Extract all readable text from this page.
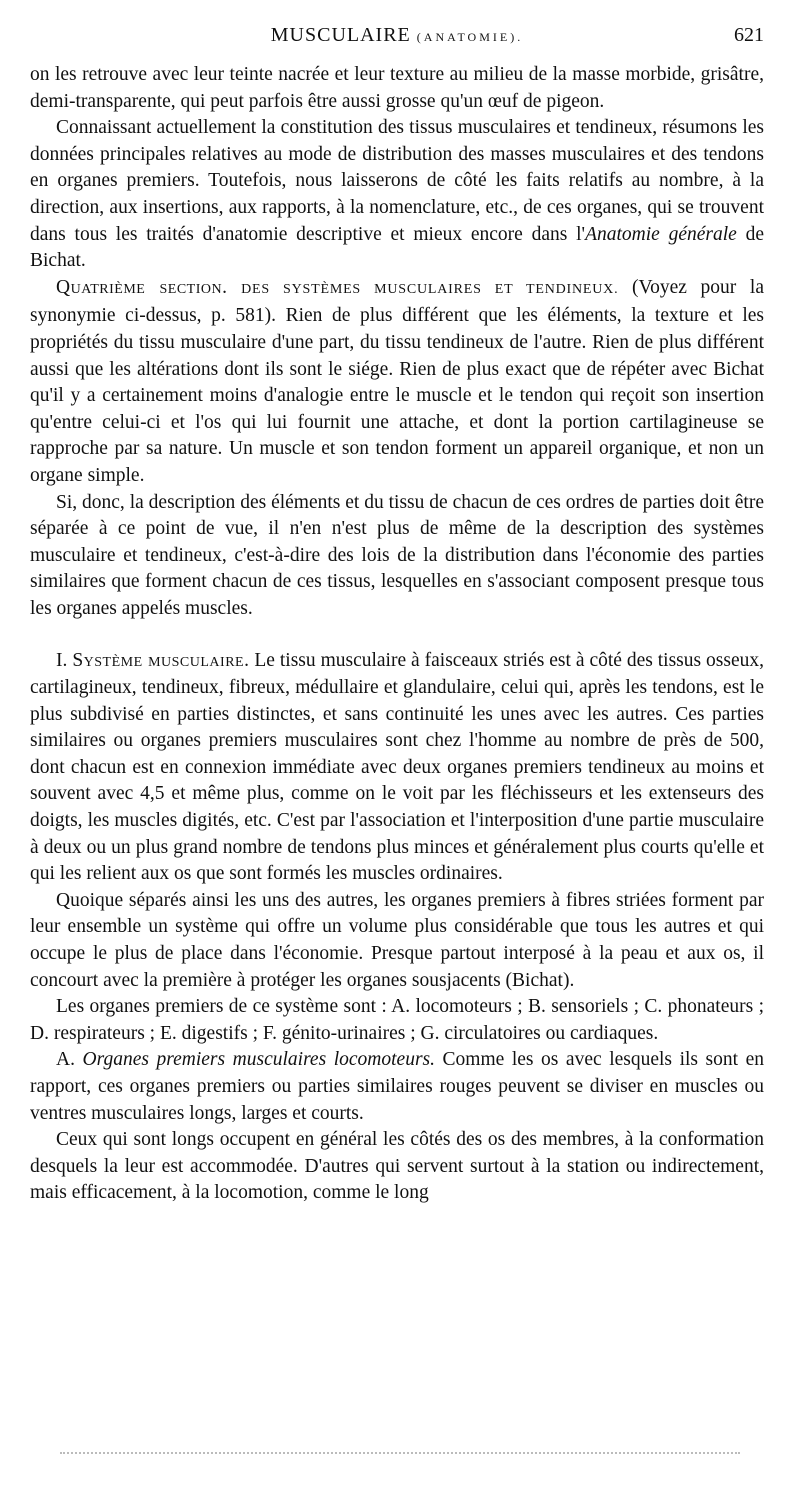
MUSCULAIRE (ANATOMIE).	621

on les retrouve avec leur teinte nacrée et leur texture au milieu de la masse morbide, grisâtre, demi-transparente, qui peut parfois être aussi grosse qu'un œuf de pigeon.

Connaissant actuellement la constitution des tissus musculaires et tendineux, résumons les données principales relatives au mode de distribution des masses musculaires et des tendons en organes premiers. Toutefois, nous laisserons de côté les faits relatifs au nombre, à la direction, aux insertions, aux rapports, à la nomenclature, etc., de ces organes, qui se trouvent dans tous les traités d'anatomie descriptive et mieux encore dans l'Anatomie générale de Bichat.

Quatrième section. DES SYSTÈMES MUSCULAIRES ET TENDINEUX. (Voyez pour la synonymie ci-dessus, p. 581). Rien de plus différent que les éléments, la texture et les propriétés du tissu musculaire d'une part, du tissu tendineux de l'autre. Rien de plus différent aussi que les altérations dont ils sont le siége. Rien de plus exact que de répéter avec Bichat qu'il y a certainement moins d'analogie entre le muscle et le tendon qui reçoit son insertion qu'entre celui-ci et l'os qui lui fournit une attache, et dont la portion cartilagineuse se rapproche par sa nature. Un muscle et son tendon forment un appareil organique, et non un organe simple.

Si, donc, la description des éléments et du tissu de chacun de ces ordres de parties doit être séparée à ce point de vue, il n'en n'est plus de même de la description des systèmes musculaire et tendineux, c'est-à-dire des lois de la distribution dans l'économie des parties similaires que forment chacun de ces tissus, lesquelles en s'associant composent presque tous les organes appelés muscles.

I. Système musculaire. Le tissu musculaire à faisceaux striés est à côté des tissus osseux, cartilagineux, tendineux, fibreux, médullaire et glandulaire, celui qui, après les tendons, est le plus subdivisé en parties distinctes, et sans continuité les unes avec les autres. Ces parties similaires ou organes premiers musculaires sont chez l'homme au nombre de près de 500, dont chacun est en connexion immédiate avec deux organes premiers tendineux au moins et souvent avec 4,5 et même plus, comme on le voit par les fléchisseurs et les extenseurs des doigts, les muscles digités, etc. C'est par l'association et l'interposition d'une partie musculaire à deux ou un plus grand nombre de tendons plus minces et généralement plus courts qu'elle et qui les relient aux os que sont formés les muscles ordinaires.

Quoique séparés ainsi les uns des autres, les organes premiers à fibres striées forment par leur ensemble un système qui offre un volume plus considérable que tous les autres et qui occupe le plus de place dans l'économie. Presque partout interposé à la peau et aux os, il concourt avec la première à protéger les organes sousjacents (Bichat).

Les organes premiers de ce système sont : A. locomoteurs ; B. sensoriels ; C. phonateurs ; D. respirateurs ; E. digestifs ; F. génito-urinaires ; G. circulatoires ou cardiaques.

A. Organes premiers musculaires locomoteurs. Comme les os avec lesquels ils sont en rapport, ces organes premiers ou parties similaires rouges peuvent se diviser en muscles ou ventres musculaires longs, larges et courts.

Ceux qui sont longs occupent en général les côtés des os des membres, à la conformation desquels la leur est accommodée. D'autres qui servent surtout à la station ou indirectement, mais efficacement, à la locomotion, comme le long
